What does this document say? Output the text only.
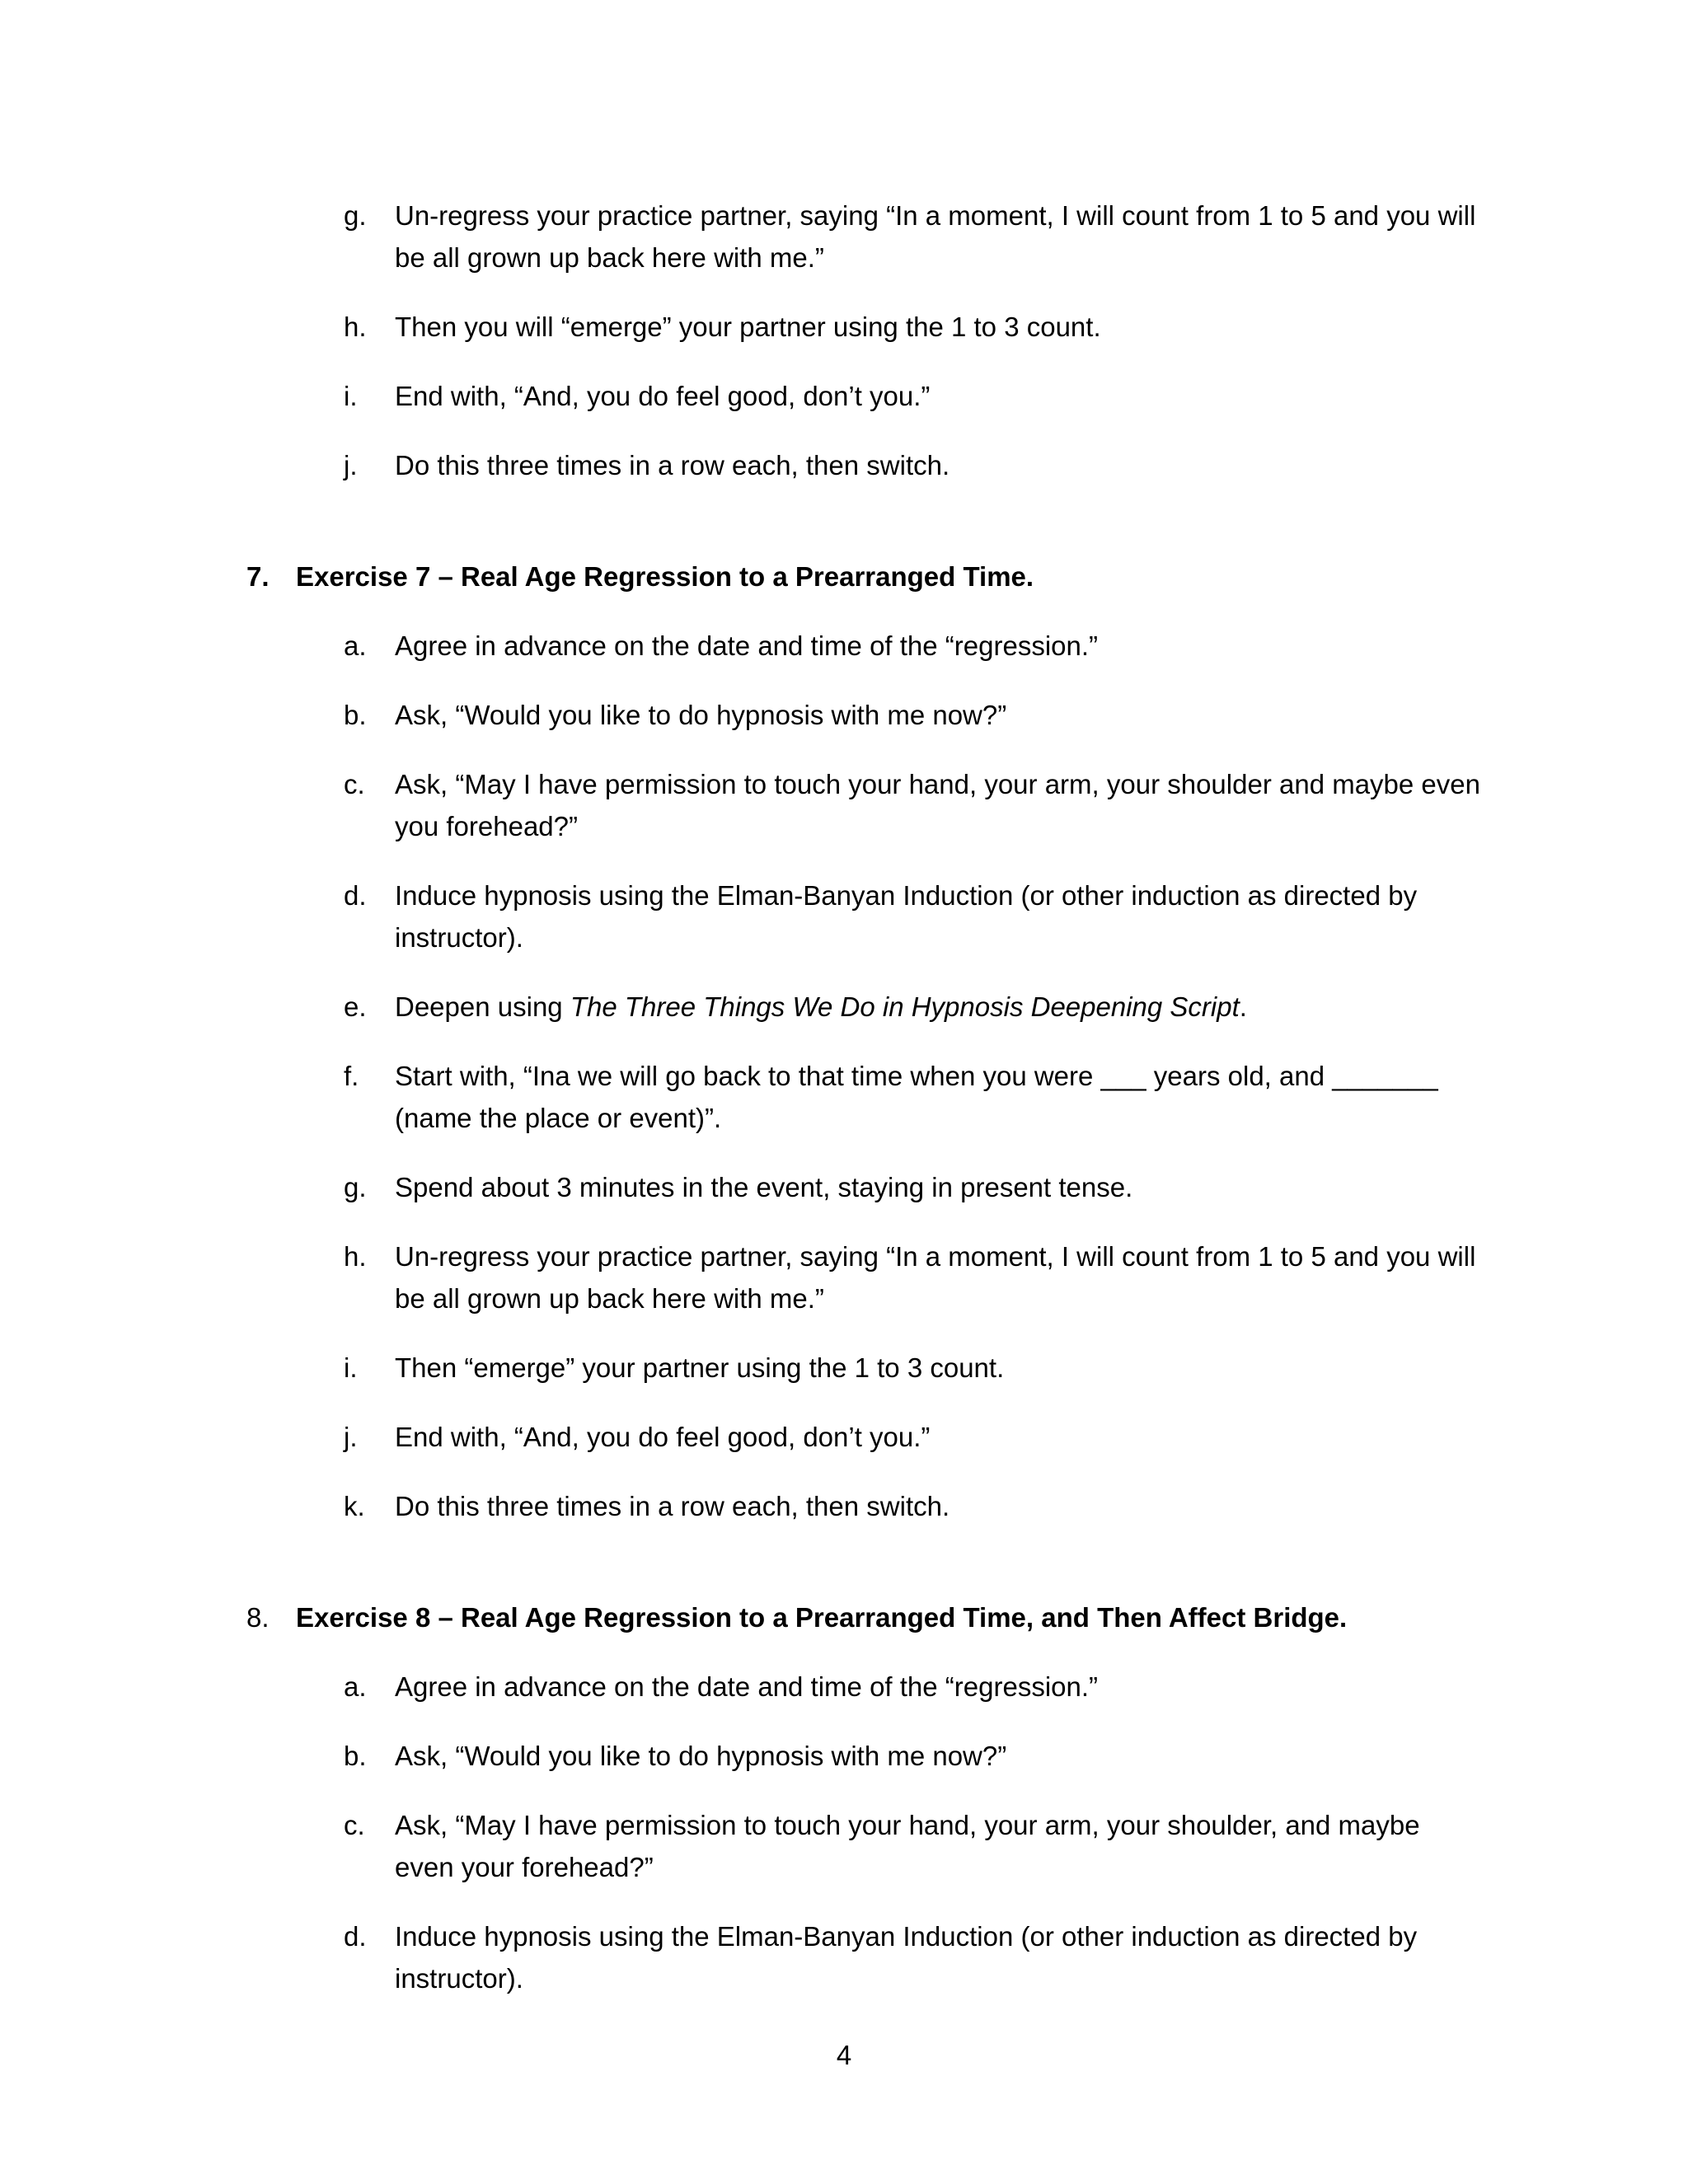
g. Un-regress your practice partner, saying “In a moment, I will count from 1 to 5 and you will be all grown up back here with me.”
h. Then you will “emerge” your partner using the 1 to 3 count.
i. End with, “And, you do feel good, don’t you.”
j. Do this three times in a row each, then switch.
7. Exercise 7 – Real Age Regression to a Prearranged Time.
a. Agree in advance on the date and time of the “regression.”
b. Ask, “Would you like to do hypnosis with me now?”
c. Ask, “May I have permission to touch your hand, your arm, your shoulder and maybe even you forehead?”
d. Induce hypnosis using the Elman-Banyan Induction (or other induction as directed by instructor).
e. Deepen using The Three Things We Do in Hypnosis Deepening Script.
f. Start with, “Ina we will go back to that time when you were ___ years old, and _______ (name the place or event)”.
g. Spend about 3 minutes in the event, staying in present tense.
h. Un-regress your practice partner, saying “In a moment, I will count from 1 to 5 and you will be all grown up back here with me.”
i. Then “emerge” your partner using the 1 to 3 count.
j. End with, “And, you do feel good, don’t you.”
k. Do this three times in a row each, then switch.
8. Exercise 8 – Real Age Regression to a Prearranged Time, and Then Affect Bridge.
a. Agree in advance on the date and time of the “regression.”
b. Ask, “Would you like to do hypnosis with me now?”
c. Ask, “May I have permission to touch your hand, your arm, your shoulder, and maybe even your forehead?”
d. Induce hypnosis using the Elman-Banyan Induction (or other induction as directed by instructor).
4
